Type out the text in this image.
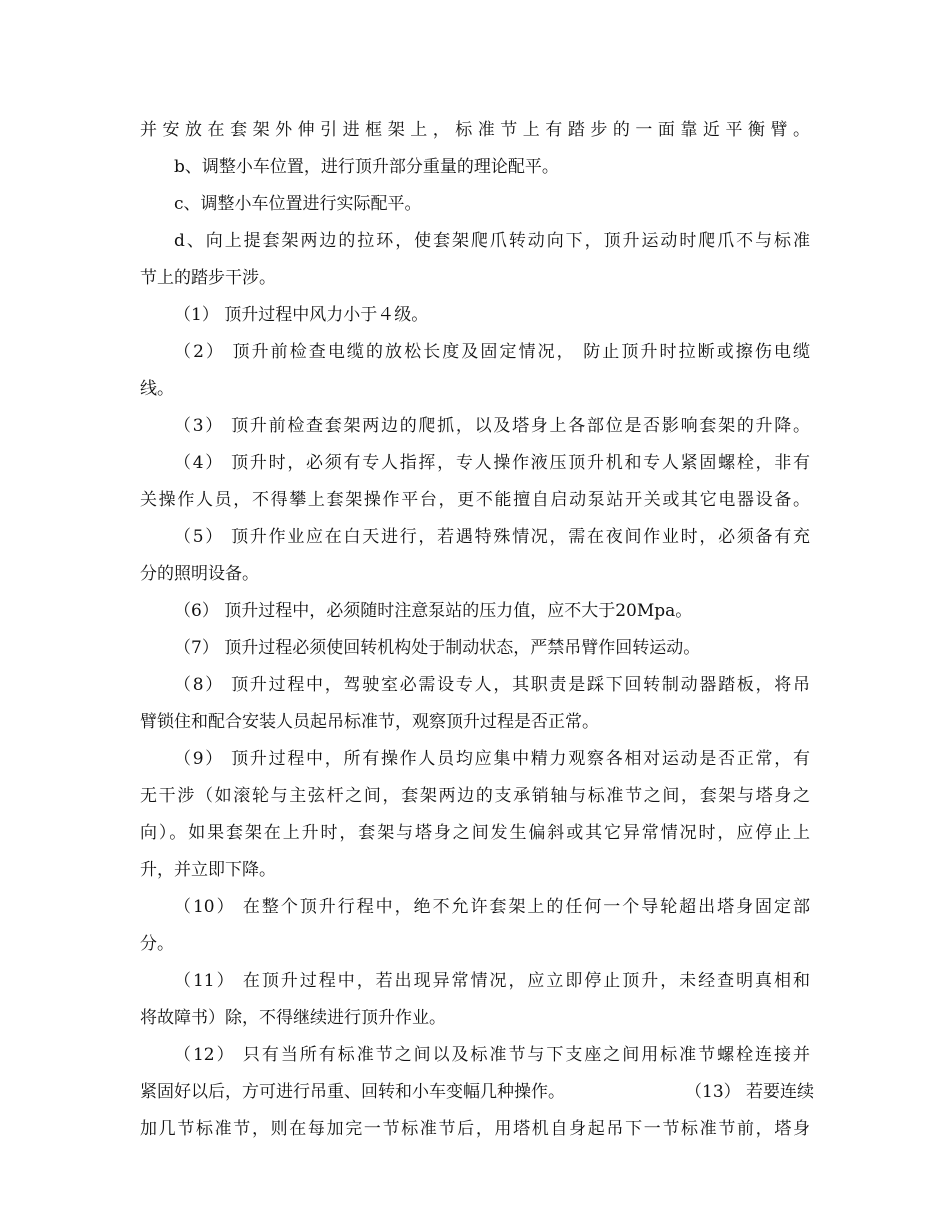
并安放在套架外伸引进框架上，标准节上有踏步的一面靠近平衡臂。
b、调整小车位置，进行顶升部分重量的理论配平。
c、调整小车位置进行实际配平。
d、向上提套架两边的拉环，使套架爬爪转动向下，顶升运动时爬爪不与标准
节上的踏步干涉。
（1） 顶升过程中风力小于４级。
（2） 顶升前检查电缆的放松长度及固定情况， 防止顶升时拉断或擦伤电缆
线。
（3） 顶升前检查套架两边的爬抓，以及塔身上各部位是否影响套架的升降。
（4） 顶升时，必须有专人指挥，专人操作液压顶升机和专人紧固螺栓，非有
关操作人员，不得攀上套架操作平台，更不能擅自启动泵站开关或其它电器设备。
（5） 顶升作业应在白天进行，若遇特殊情况，需在夜间作业时，必须备有充
分的照明设备。
（6） 顶升过程中，必须随时注意泵站的压力值，应不大于20Mpa。
（7） 顶升过程必须使回转机构处于制动状态，严禁吊臂作回转运动。
（8） 顶升过程中，驾驶室必需设专人，其职责是踩下回转制动器踏板，将吊
臂锁住和配合安装人员起吊标准节，观察顶升过程是否正常。
（9） 顶升过程中，所有操作人员均应集中精力观察各相对运动是否正常，有
无干涉（如滚轮与主弦杆之间，套架两边的支承销轴与标准节之间，套架与塔身之
向）。如果套架在上升时，套架与塔身之间发生偏斜或其它异常情况时，应停止上
升，并立即下降。
（10） 在整个顶升行程中，绝不允许套架上的任何一个导轮超出塔身固定部
分。
（11） 在顶升过程中，若出现异常情况，应立即停止顶升，未经查明真相和
将故障书）除，不得继续进行顶升作业。
（12） 只有当所有标准节之间以及标准节与下支座之间用标准节螺栓连接并
紧固好以后，方可进行吊重、回转和小车变幅几种操作。	（13） 若要连续
加几节标准节，则在每加完一节标准节后，用塔机自身起吊下一节标准节前，塔身
